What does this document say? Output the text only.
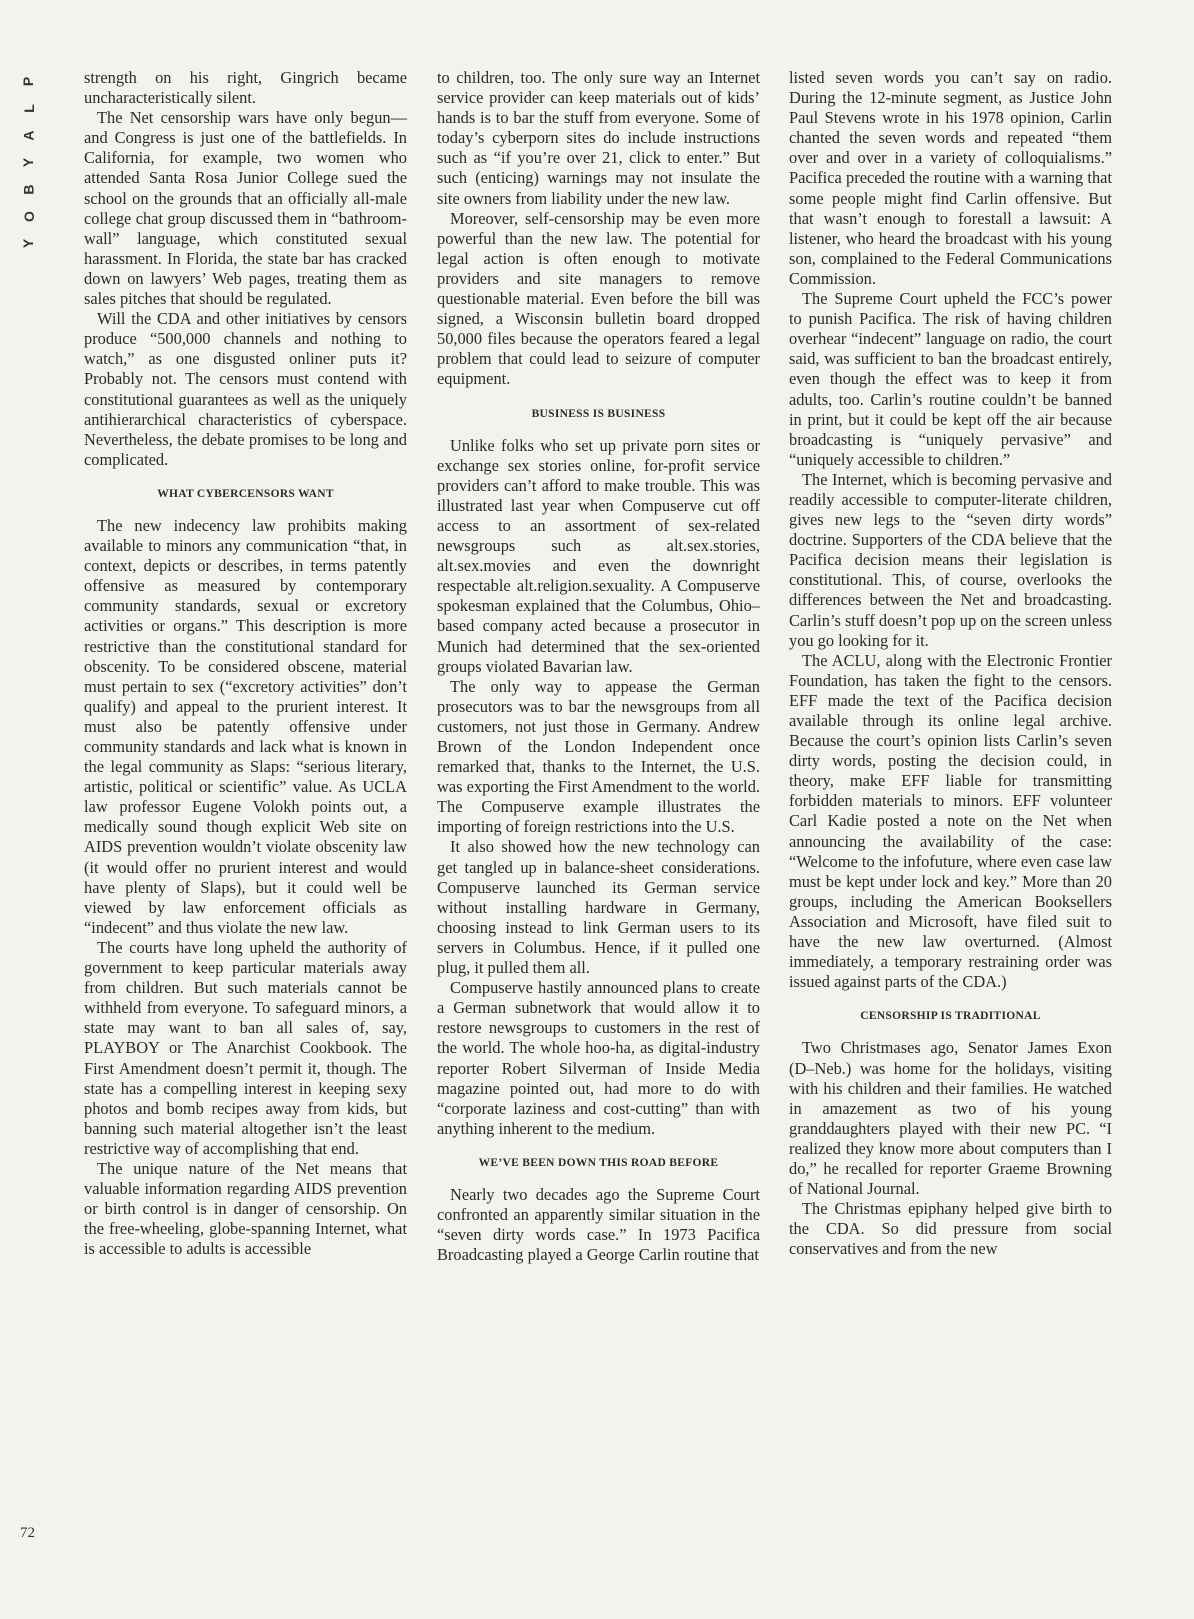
P
L
A
Y
B
O
Y
72

strength on his right, Gingrich became uncharacteristically silent.

The Net censorship wars have only begun—and Congress is just one of the battlefields. In California, for example, two women who attended Santa Rosa Junior College sued the school on the grounds that an officially all-male college chat group discussed them in “bathroom-wall” language, which constituted sexual harassment. In Florida, the state bar has cracked down on lawyers’ Web pages, treating them as sales pitches that should be regulated.

Will the CDA and other initiatives by censors produce “500,000 channels and nothing to watch,” as one disgusted onliner puts it? Probably not. The censors must contend with constitutional guarantees as well as the uniquely antihierarchical characteristics of cyberspace. Nevertheless, the debate promises to be long and complicated.

WHAT CYBERCENSORS WANT

The new indecency law prohibits making available to minors any communication “that, in context, depicts or describes, in terms patently offensive as measured by contemporary community standards, sexual or excretory activities or organs.” This description is more restrictive than the constitutional standard for obscenity. To be considered obscene, material must pertain to sex (“excretory activities” don’t qualify) and appeal to the prurient interest. It must also be patently offensive under community standards and lack what is known in the legal community as Slaps: “serious literary, artistic, political or scientific” value. As UCLA law professor Eugene Volokh points out, a medically sound though explicit Web site on AIDS prevention wouldn’t violate obscenity law (it would offer no prurient interest and would have plenty of Slaps), but it could well be viewed by law enforcement officials as “indecent” and thus violate the new law.

The courts have long upheld the authority of government to keep particular materials away from children. But such materials cannot be withheld from everyone. To safeguard minors, a state may want to ban all sales of, say, PLAYBOY or The Anarchist Cookbook. The First Amendment doesn’t permit it, though. The state has a compelling interest in keeping sexy photos and bomb recipes away from kids, but banning such material altogether isn’t the least restrictive way of accomplishing that end.

The unique nature of the Net means that valuable information regarding AIDS prevention or birth control is in danger of censorship. On the free-wheeling, globe-spanning Internet, what is accessible to adults is accessible

to children, too. The only sure way an Internet service provider can keep materials out of kids’ hands is to bar the stuff from everyone. Some of today’s cyberporn sites do include instructions such as “if you’re over 21, click to enter.” But such (enticing) warnings may not insulate the site owners from liability under the new law.

Moreover, self-censorship may be even more powerful than the new law. The potential for legal action is often enough to motivate providers and site managers to remove questionable material. Even before the bill was signed, a Wisconsin bulletin board dropped 50,000 files because the operators feared a legal problem that could lead to seizure of computer equipment.

BUSINESS IS BUSINESS

Unlike folks who set up private porn sites or exchange sex stories online, for-profit service providers can’t afford to make trouble. This was illustrated last year when Compuserve cut off access to an assortment of sex-related newsgroups such as alt.sex.stories, alt.sex.movies and even the downright respectable alt.religion.sexuality. A Compuserve spokesman explained that the Columbus, Ohio–based company acted because a prosecutor in Munich had determined that the sex-oriented groups violated Bavarian law.

The only way to appease the German prosecutors was to bar the newsgroups from all customers, not just those in Germany. Andrew Brown of the London Independent once remarked that, thanks to the Internet, the U.S. was exporting the First Amendment to the world. The Compuserve example illustrates the importing of foreign restrictions into the U.S.

It also showed how the new technology can get tangled up in balance-sheet considerations. Compuserve launched its German service without installing hardware in Germany, choosing instead to link German users to its servers in Columbus. Hence, if it pulled one plug, it pulled them all.

Compuserve hastily announced plans to create a German subnetwork that would allow it to restore newsgroups to customers in the rest of the world. The whole hoo-ha, as digital-industry reporter Robert Silverman of Inside Media magazine pointed out, had more to do with “corporate laziness and cost-cutting” than with anything inherent to the medium.

WE’VE BEEN DOWN THIS ROAD BEFORE

Nearly two decades ago the Supreme Court confronted an apparently similar situation in the “seven dirty words case.” In 1973 Pacifica Broadcasting played a George Carlin routine that

listed seven words you can’t say on radio. During the 12-minute segment, as Justice John Paul Stevens wrote in his 1978 opinion, Carlin chanted the seven words and repeated “them over and over in a variety of colloquialisms.” Pacifica preceded the routine with a warning that some people might find Carlin offensive. But that wasn’t enough to forestall a lawsuit: A listener, who heard the broadcast with his young son, complained to the Federal Communications Commission.

The Supreme Court upheld the FCC’s power to punish Pacifica. The risk of having children overhear “indecent” language on radio, the court said, was sufficient to ban the broadcast entirely, even though the effect was to keep it from adults, too. Carlin’s routine couldn’t be banned in print, but it could be kept off the air because broadcasting is “uniquely pervasive” and “uniquely accessible to children.”

The Internet, which is becoming pervasive and readily accessible to computer-literate children, gives new legs to the “seven dirty words” doctrine. Supporters of the CDA believe that the Pacifica decision means their legislation is constitutional. This, of course, overlooks the differences between the Net and broadcasting. Carlin’s stuff doesn’t pop up on the screen unless you go looking for it.

The ACLU, along with the Electronic Frontier Foundation, has taken the fight to the censors. EFF made the text of the Pacifica decision available through its online legal archive. Because the court’s opinion lists Carlin’s seven dirty words, posting the decision could, in theory, make EFF liable for transmitting forbidden materials to minors. EFF volunteer Carl Kadie posted a note on the Net when announcing the availability of the case: “Welcome to the infofuture, where even case law must be kept under lock and key.” More than 20 groups, including the American Booksellers Association and Microsoft, have filed suit to have the new law overturned. (Almost immediately, a temporary restraining order was issued against parts of the CDA.)

CENSORSHIP IS TRADITIONAL

Two Christmases ago, Senator James Exon (D–Neb.) was home for the holidays, visiting with his children and their families. He watched in amazement as two of his young granddaughters played with their new PC. “I realized they know more about computers than I do,” he recalled for reporter Graeme Browning of National Journal.

The Christmas epiphany helped give birth to the CDA. So did pressure from social conservatives and from the new
